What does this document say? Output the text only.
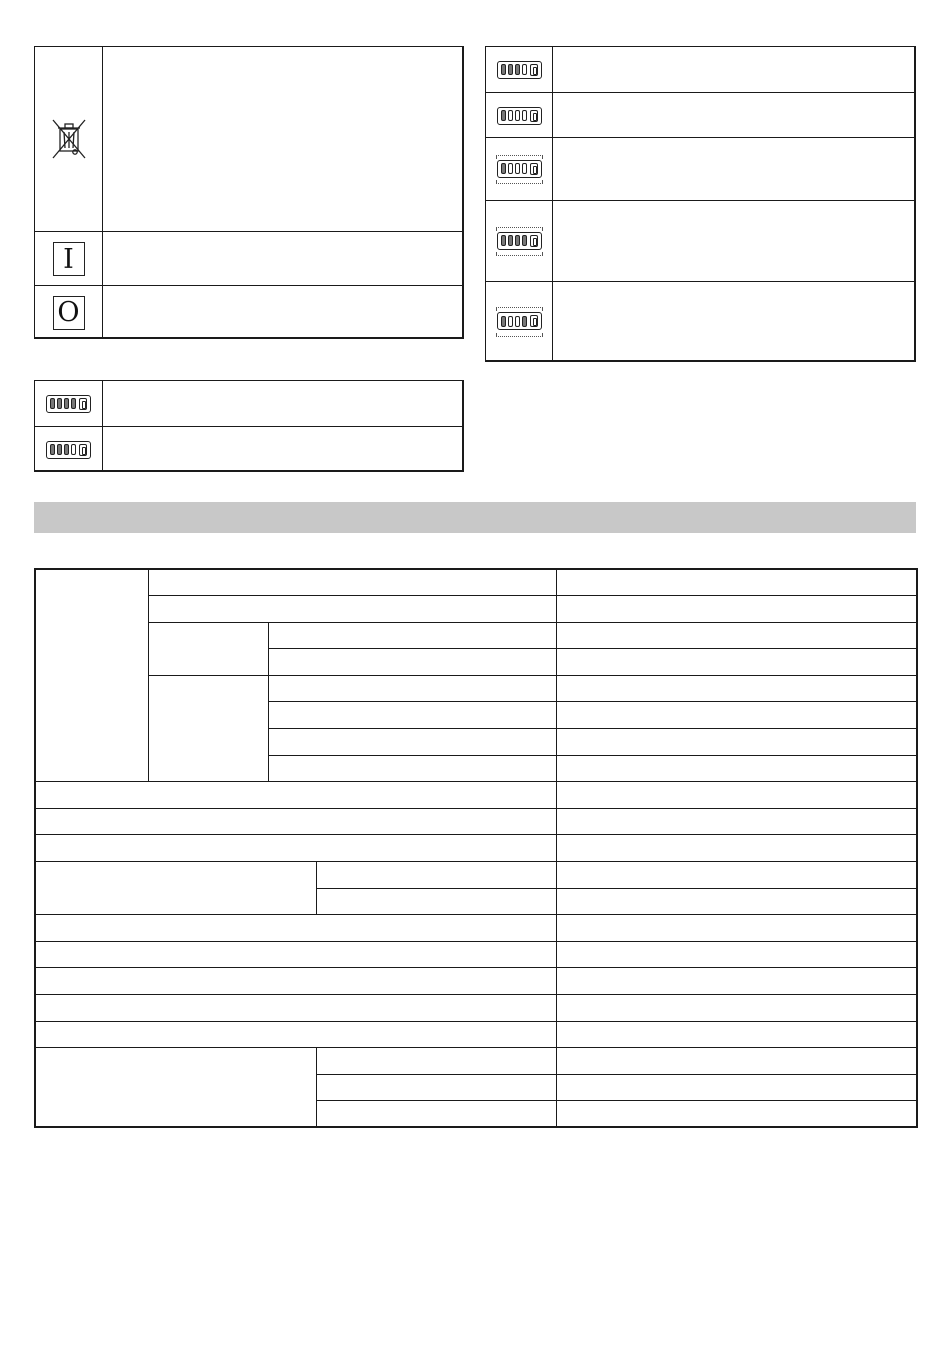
I
O
